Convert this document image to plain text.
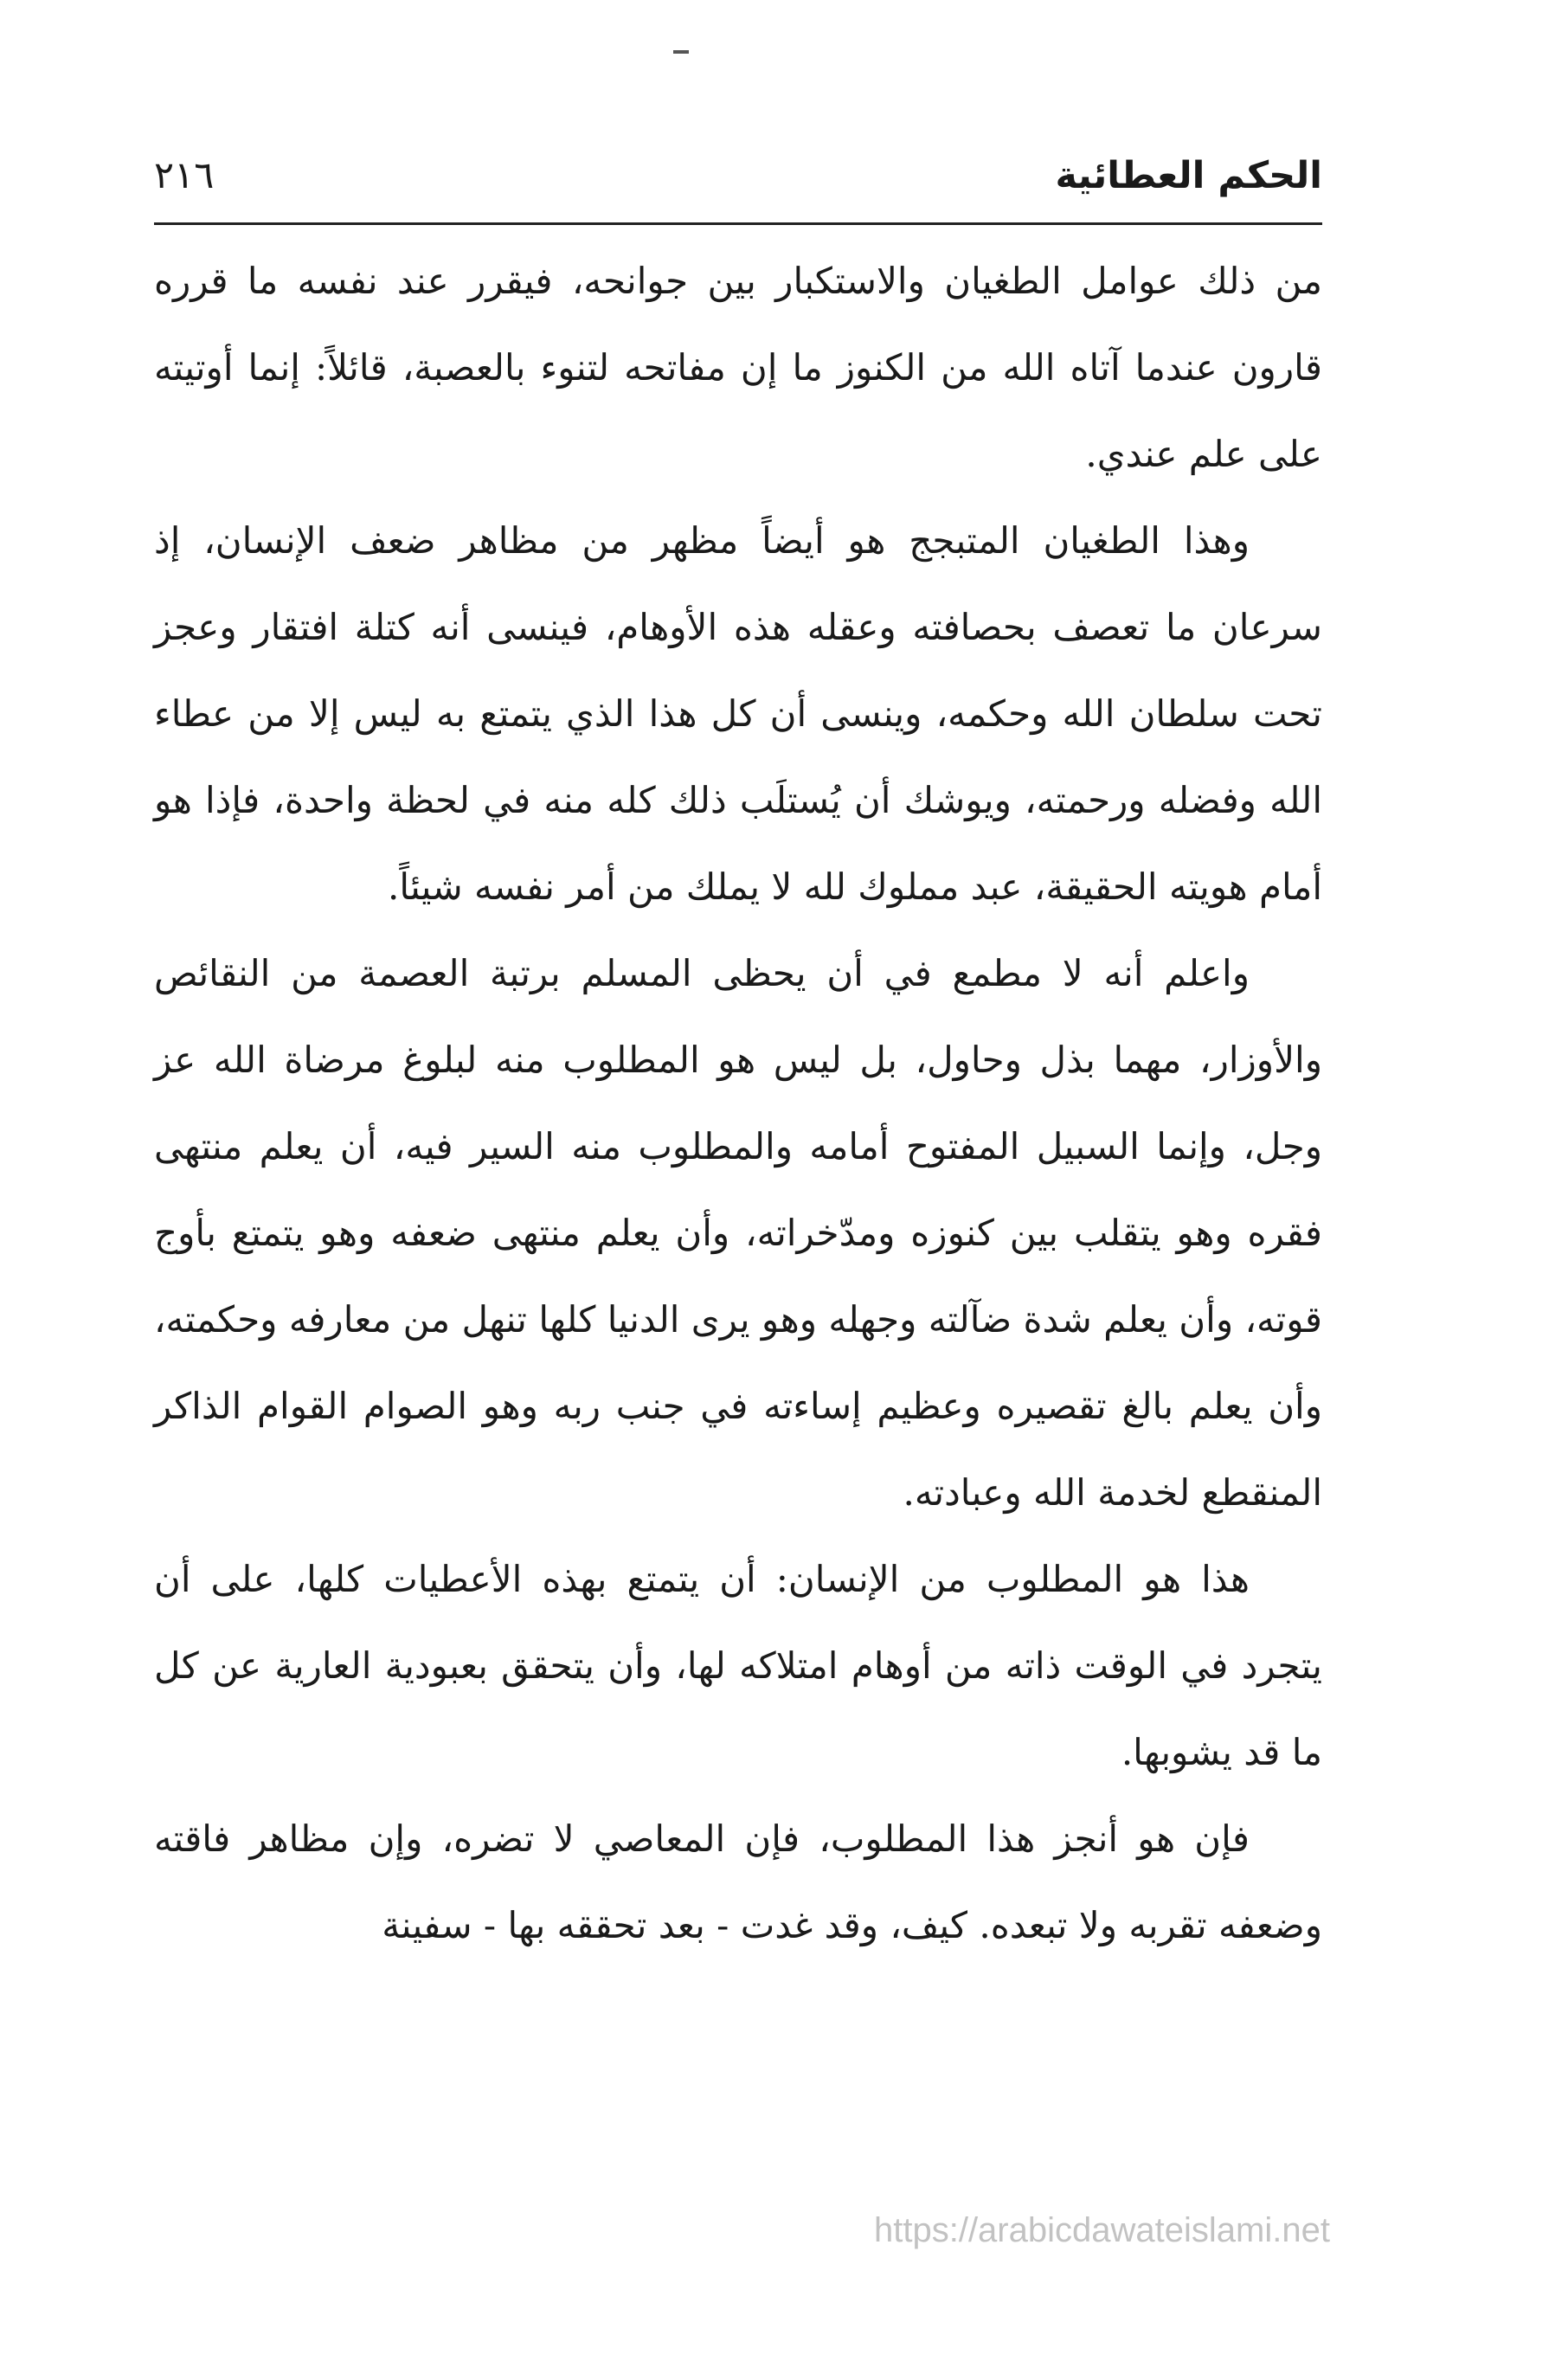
الحكم العطائية
٢١٦

من ذلك عوامل الطغيان والاستكبار بين جوانحه، فيقرر عند نفسه ما قرره قارون عندما آتاه الله من الكنوز ما إن مفاتحه لتنوء بالعصبة، قائلاً: إنما أوتيته على علم عندي.

وهذا الطغيان المتبجج هو أيضاً مظهر من مظاهر ضعف الإنسان، إذ سرعان ما تعصف بحصافته وعقله هذه الأوهام، فينسى أنه كتلة افتقار وعجز تحت سلطان الله وحكمه، وينسى أن كل هذا الذي يتمتع به ليس إلا من عطاء الله وفضله ورحمته، ويوشك أن يُستلَب ذلك كله منه في لحظة واحدة، فإذا هو أمام هويته الحقيقة، عبد مملوك لله لا يملك من أمر نفسه شيئاً.

واعلم أنه لا مطمع في أن يحظى المسلم برتبة العصمة من النقائص والأوزار، مهما بذل وحاول، بل ليس هو المطلوب منه لبلوغ مرضاة الله عز وجل، وإنما السبيل المفتوح أمامه والمطلوب منه السير فيه، أن يعلم منتهى فقره وهو يتقلب بين كنوزه ومدّخراته، وأن يعلم منتهى ضعفه وهو يتمتع بأوج قوته، وأن يعلم شدة ضآلته وجهله وهو يرى الدنيا كلها تنهل من معارفه وحكمته، وأن يعلم بالغ تقصيره وعظيم إساءته في جنب ربه وهو الصوام القوام الذاكر المنقطع لخدمة الله وعبادته.

هذا هو المطلوب من الإنسان: أن يتمتع بهذه الأعطيات كلها، على أن يتجرد في الوقت ذاته من أوهام امتلاكه لها، وأن يتحقق بعبودية العارية عن كل ما قد يشوبها.

فإن هو أنجز هذا المطلوب، فإن المعاصي لا تضره، وإن مظاهر فاقته وضعفه تقربه ولا تبعده. كيف، وقد غدت - بعد تحققه بها - سفينة

https://arabicdawateislami.net
